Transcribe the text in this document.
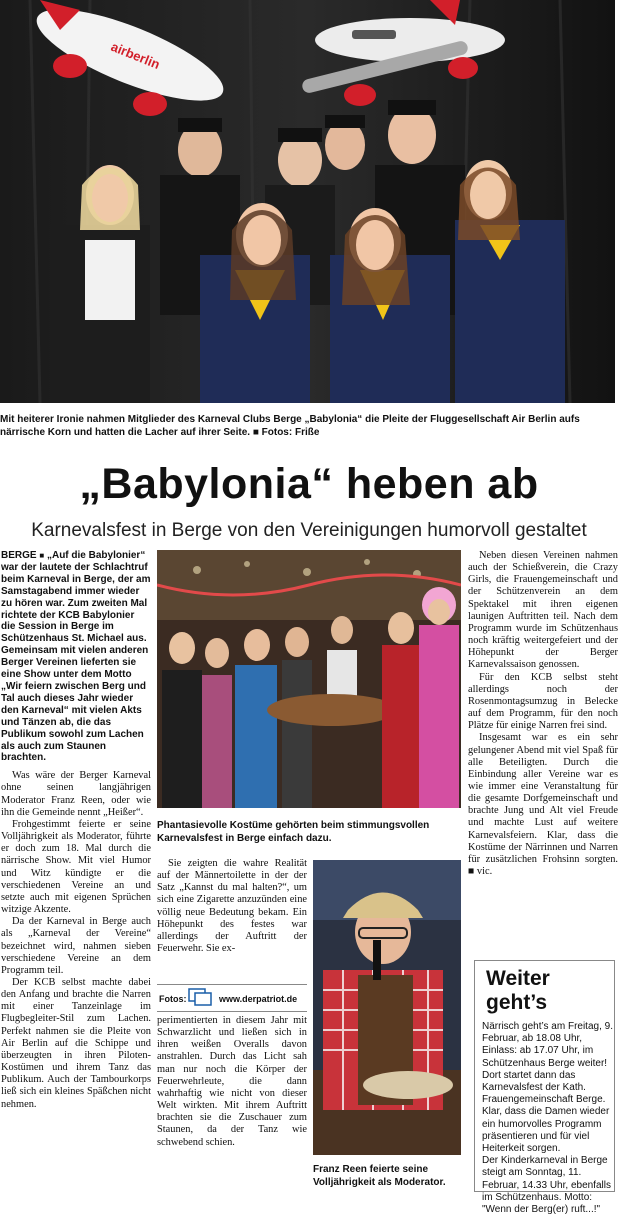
airberlin
Mit heiterer Ironie nahmen Mitglieder des Karneval Clubs Berge „Babylonia“ die Pleite der Fluggesellschaft Air Berlin aufs närrische Korn und hatten die Lacher auf ihrer Seite. ■ Fotos: Friße
„Babylonia“ heben ab
Karnevalsfest in Berge von den Vereinigungen humorvoll gestaltet

BERGE ■ „Auf die Babylonier“ war der lautete der Schlachtruf beim Karneval in Berge, der am Samstagabend immer wieder zu hören war. Zum zweiten Mal richtete der KCB Babylonier die Session in Berge im Schützenhaus St. Michael aus. Gemeinsam mit vielen anderen Berger Vereinen lieferten sie eine Show unter dem Motto „Wir feiern zwischen Berg und Tal auch dieses Jahr wieder den Karneval“ mit vielen Akts und Tänzen ab, die das Publikum sowohl zum Lachen als auch zum Staunen brachten.

Was wäre der Berger Karneval ohne seinen langjährigen Moderator Franz Reen, oder wie ihn die Gemeinde nennt „Heißer“.

Frohgestimmt feierte er seine Volljährigkeit als Moderator, führte er doch zum 18. Mal durch die närrische Show. Mit viel Humor und Witz kündigte er die verschiedenen Vereine an und setzte auch mit eigenen Sprüchen witzige Akzente.

Da der Karneval in Berge auch als „Karneval der Vereine“ bezeichnet wird, nahmen sieben verschiedene Vereine an dem Programm teil.

Der KCB selbst machte dabei den Anfang und brachte die Narren mit einer Tanzeinlage im Flugbegleiter-Stil zum Lachen. Perfekt nahmen sie die Pleite von Air Berlin auf die Schippe und überzeugten in ihren Piloten-Kostümen und ihrem Tanz das Publikum. Auch der Tambourkorps ließ sich ein kleines Späßchen nicht nehmen.

Phantasievolle Kostüme gehörten beim stimmungsvollen Karnevalsfest in Berge einfach dazu.

Sie zeigten die wahre Realität auf der Männertoilette in der der Satz „Kannst du mal halten?“, um sich eine Zigarette anzuzünden eine völlig neue Bedeutung bekam. Ein Höhepunkt des festes war allerdings der Auftritt der Feuerwehr. Sie ex-

Fotos:	www.derpatriot.de

perimentierten in diesem Jahr mit Schwarzlicht und ließen sich in ihren weißen Overalls davon anstrahlen. Durch das Licht sah man nur noch die Körper der Feuerwehrleute, die dann wahrhaftig wie nicht von dieser Welt wirkten. Mit ihrem Auftritt brachten sie die Zuschauer zum Staunen, da der Tanz wie schwebend schien.

Franz Reen feierte seine Volljährigkeit als Moderator.

Neben diesen Vereinen nahmen auch der Schießverein, die Crazy Girls, die Frauengemeinschaft und der Schützenverein an dem Spektakel mit ihren eigenen launigen Auftritten teil. Nach dem Programm wurde im Schützenhaus noch kräftig weitergefeiert und der Höhepunkt der Berger Karnevalssaison genossen.

Für den KCB selbst steht allerdings noch der Rosenmontagsumzug in Belecke auf dem Programm, für den noch Plätze für einige Narren frei sind.

Insgesamt war es ein sehr gelungener Abend mit viel Spaß für alle Beteiligten. Durch die Einbindung aller Vereine war es wie immer eine Veranstaltung für die gesamte Dorfgemeinschaft und brachte Jung und Alt viel Freude und machte Lust auf weitere Karnevalsfeiern. Klar, dass die Kostüme der Närrinnen und Narren für zusätzlichen Frohsinn sorgten. ■ vic.

Weiter geht’s

Närrisch geht’s am Freitag, 9. Februar, ab 18.08 Uhr, Einlass: ab 17.07 Uhr, im Schützenhaus Berge weiter! Dort startet dann das Karnevalsfest der Kath. Frauengemeinschaft Berge. Klar, dass die Damen wieder ein humorvolles Programm präsentieren und für viel Heiterkeit sorgen.

Der Kinderkarneval in Berge steigt am Sonntag, 11. Februar, 14.33 Uhr, ebenfalls im Schützenhaus. Motto: "Wenn der Berg(er) ruft...!"
